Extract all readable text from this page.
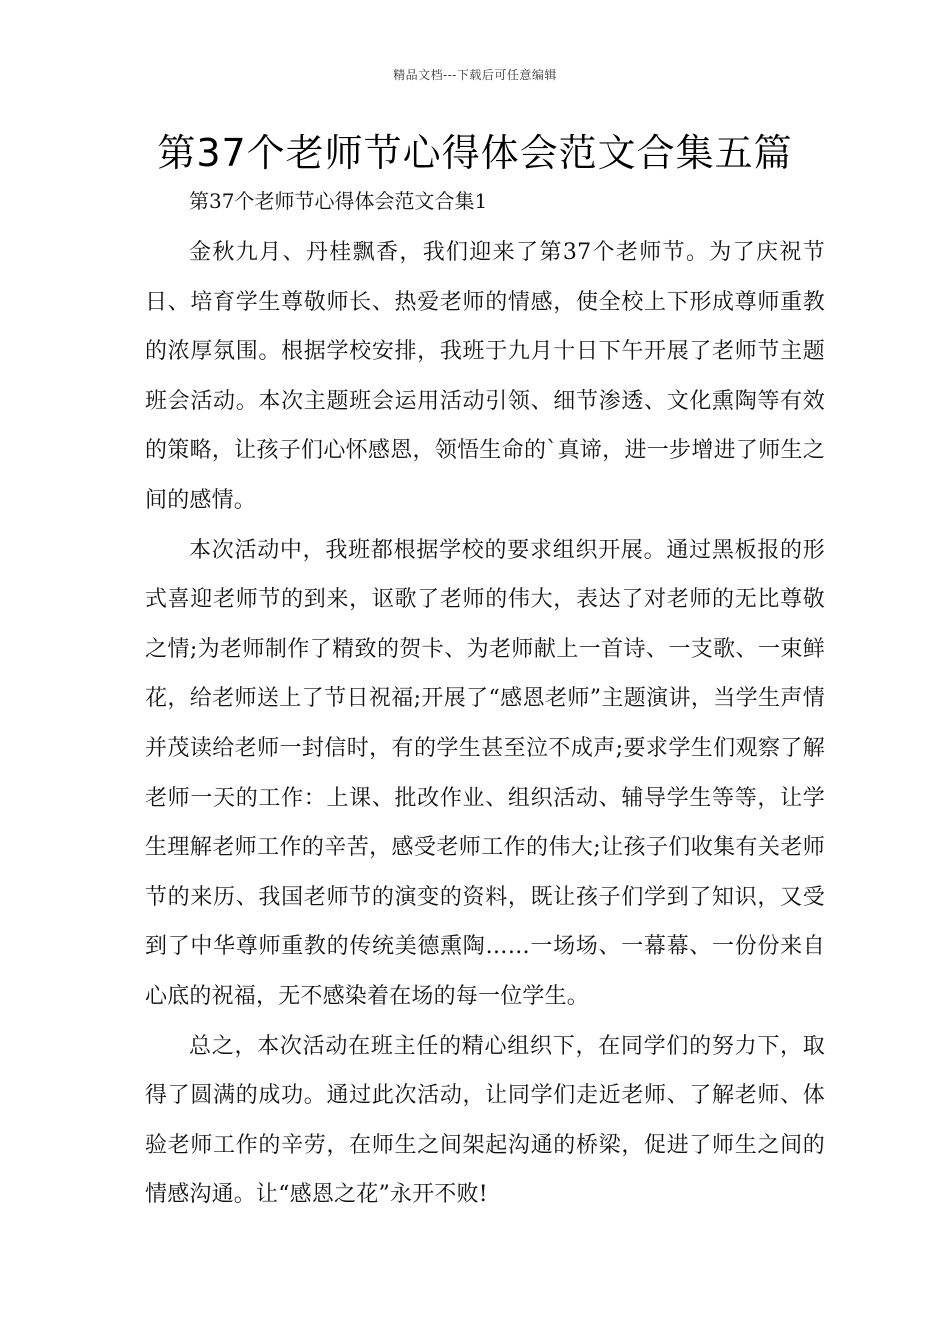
精品文档---下载后可任意编辑
第37个老师节心得体会范文合集五篇

第37个老师节心得体会范文合集1

金秋九月、丹桂飘香，我们迎来了第37个老师节。为了庆祝节日、培育学生尊敬师长、热爱老师的情感，使全校上下形成尊师重教的浓厚氛围。根据学校安排，我班于九月十日下午开展了老师节主题班会活动。本次主题班会运用活动引领、细节渗透、文化熏陶等有效的策略，让孩子们心怀感恩，领悟生命的`真谛，进一步增进了师生之间的感情。

本次活动中，我班都根据学校的要求组织开展。通过黑板报的形式喜迎老师节的到来，讴歌了老师的伟大，表达了对老师的无比尊敬之情;为老师制作了精致的贺卡、为老师献上一首诗、一支歌、一束鲜花，给老师送上了节日祝福;开展了“感恩老师”主题演讲，当学生声情并茂读给老师一封信时，有的学生甚至泣不成声;要求学生们观察了解老师一天的工作：上课、批改作业、组织活动、辅导学生等等，让学生理解老师工作的辛苦，感受老师工作的伟大;让孩子们收集有关老师节的来历、我国老师节的演变的资料，既让孩子们学到了知识，又受到了中华尊师重教的传统美德熏陶……一场场、一幕幕、一份份来自心底的祝福，无不感染着在场的每一位学生。

总之，本次活动在班主任的精心组织下，在同学们的努力下，取得了圆满的成功。通过此次活动，让同学们走近老师、了解老师、体验老师工作的辛劳，在师生之间架起沟通的桥梁，促进了师生之间的情感沟通。让“感恩之花”永开不败!
